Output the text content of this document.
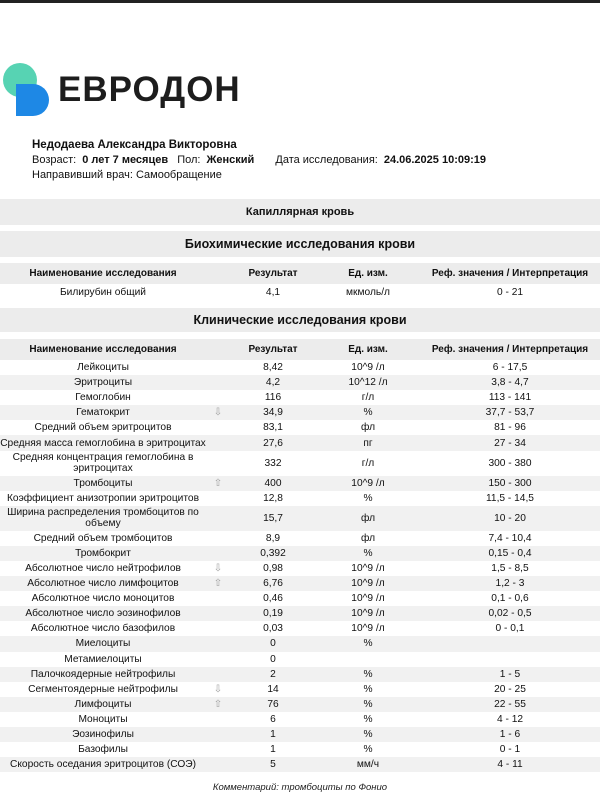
ЕВРОДОН
Недодаева Александра Викторовна
Возраст: 0 лет 7 месяцев Пол: Женский Дата исследования: 24.06.2025 10:09:19
Направивший врач: Самообращение
Капиллярная кровь
Биохимические исследования крови
Наименование исследования		Результат	Ед. изм.	Реф. значения / Интерпретация
Билирубин общий		4,1	мкмоль/л	0 - 21
Клинические исследования крови
Наименование исследования		Результат	Ед. изм.	Реф. значения / Интерпретация
Лейкоциты		8,42	10^9 /л	6 - 17,5
Эритроциты		4,2	10^12 /л	3,8 - 4,7
Гемоглобин		116	г/л	113 - 141
Гематокрит	⇩	34,9	%	37,7 - 53,7
Средний объем эритроцитов		83,1	фл	81 - 96
Средняя масса гемоглобина в эритроцитах		27,6	пг	27 - 34
Средняя концентрация гемоглобина в эритроцитах		332	г/л	300 - 380
Тромбоциты	⇧	400	10^9 /л	150 - 300
Коэффициент анизотропии эритроцитов		12,8	%	11,5 - 14,5
Ширина распределения тромбоцитов по объему		15,7	фл	10 - 20
Средний объем тромбоцитов		8,9	фл	7,4 - 10,4
Тромбокрит		0,392	%	0,15 - 0,4
Абсолютное число нейтрофилов	⇩	0,98	10^9 /л	1,5 - 8,5
Абсолютное число лимфоцитов	⇧	6,76	10^9 /л	1,2 - 3
Абсолютное число моноцитов		0,46	10^9 /л	0,1 - 0,6
Абсолютное число эозинофилов		0,19	10^9 /л	0,02 - 0,5
Абсолютное число базофилов		0,03	10^9 /л	0 - 0,1
Миелоциты		0	%	
Метамиелоциты		0		
Палочкоядерные нейтрофилы		2	%	1 - 5
Сегментоядерные нейтрофилы	⇩	14	%	20 - 25
Лимфоциты	⇧	76	%	22 - 55
Моноциты		6	%	4 - 12
Эозинофилы		1	%	1 - 6
Базофилы		1	%	0 - 1
Скорость оседания эритроцитов (СОЭ)		5	мм/ч	4 - 11
Комментарий: тромбоциты по Фонио
